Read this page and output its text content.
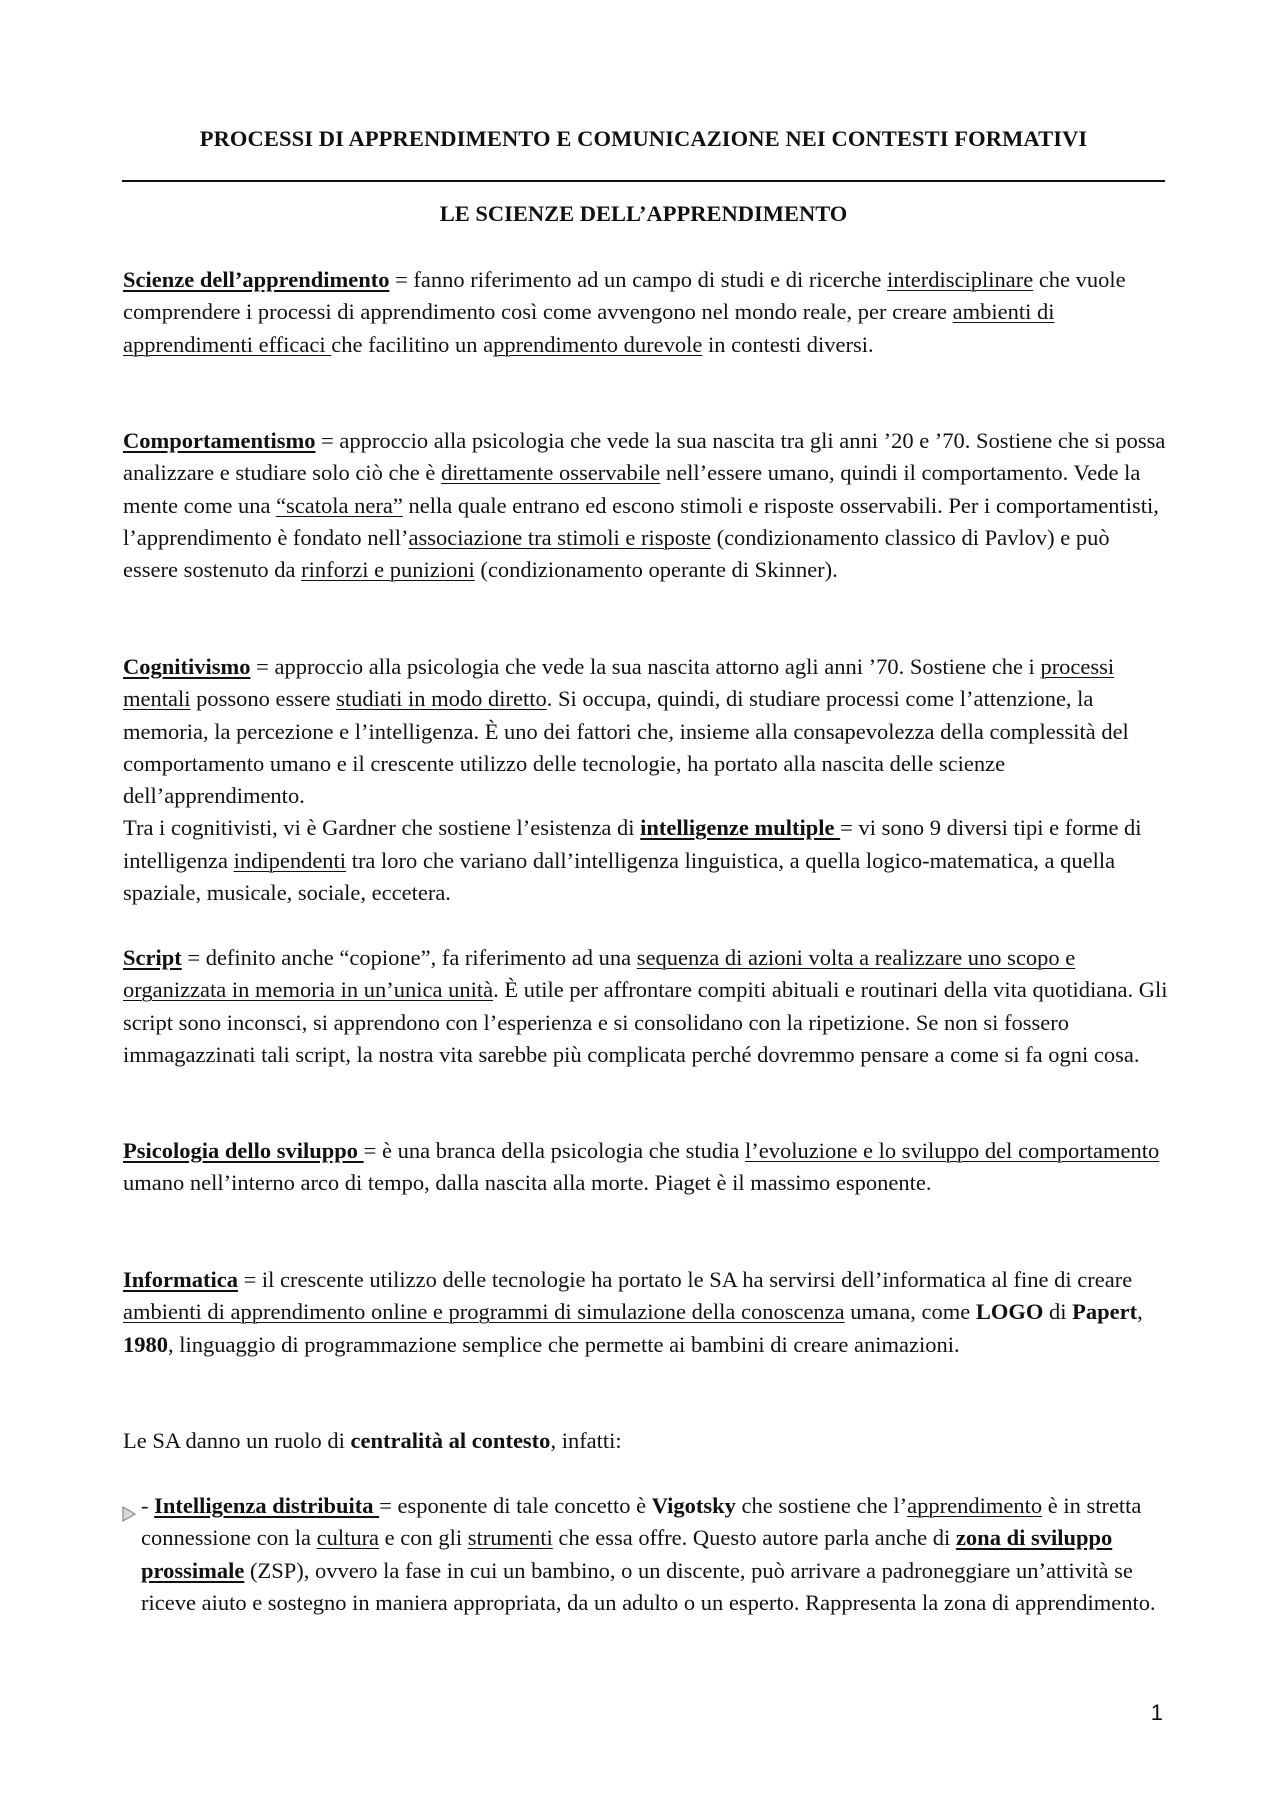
PROCESSI DI APPRENDIMENTO E COMUNICAZIONE NEI CONTESTI FORMATIVI
LE SCIENZE DELL’APPRENDIMENTO
Scienze dell’apprendimento = fanno riferimento ad un campo di studi e di ricerche interdisciplinare che vuole comprendere i processi di apprendimento così come avvengono nel mondo reale, per creare ambienti di apprendimenti efficaci che facilitino un apprendimento durevole in contesti diversi.
Comportamentismo = approccio alla psicologia che vede la sua nascita tra gli anni ’20 e ’70. Sostiene che si possa analizzare e studiare solo ciò che è direttamente osservabile nell’essere umano, quindi il comportamento. Vede la mente come una “scatola nera” nella quale entrano ed escono stimoli e risposte osservabili. Per i comportamentisti, l’apprendimento è fondato nell’associazione tra stimoli e risposte (condizionamento classico di Pavlov) e può essere sostenuto da rinforzi e punizioni (condizionamento operante di Skinner).
Cognitivismo = approccio alla psicologia che vede la sua nascita attorno agli anni ’70. Sostiene che i processi mentali possono essere studiati in modo diretto. Si occupa, quindi, di studiare processi come l’attenzione, la memoria, la percezione e l’intelligenza. È uno dei fattori che, insieme alla consapevolezza della complessità del comportamento umano e il crescente utilizzo delle tecnologie, ha portato alla nascita delle scienze dell’apprendimento.
Tra i cognitivisti, vi è Gardner che sostiene l’esistenza di intelligenze multiple = vi sono 9 diversi tipi e forme di intelligenza indipendenti tra loro che variano dall’intelligenza linguistica, a quella logico-matematica, a quella spaziale, musicale, sociale, eccetera.
Script = definito anche “copione”, fa riferimento ad una sequenza di azioni volta a realizzare uno scopo e organizzata in memoria in un’unica unità. È utile per affrontare compiti abituali e routinari della vita quotidiana. Gli script sono inconsci, si apprendono con l’esperienza e si consolidano con la ripetizione. Se non si fossero immagazzinati tali script, la nostra vita sarebbe più complicata perché dovremmo pensare a come si fa ogni cosa.
Psicologia dello sviluppo = è una branca della psicologia che studia l’evoluzione e lo sviluppo del comportamento umano nell’interno arco di tempo, dalla nascita alla morte. Piaget è il massimo esponente.
Informatica = il crescente utilizzo delle tecnologie ha portato le SA ha servirsi dell’informatica al fine di creare ambienti di apprendimento online e programmi di simulazione della conoscenza umana, come LOGO di Papert, 1980, linguaggio di programmazione semplice che permette ai bambini di creare animazioni.
Le SA danno un ruolo di centralità al contesto, infatti:
- Intelligenza distribuita = esponente di tale concetto è Vigotsky che sostiene che l’apprendimento è in stretta connessione con la cultura e con gli strumenti che essa offre. Questo autore parla anche di zona di sviluppo prossimale (ZSP), ovvero la fase in cui un bambino, o un discente, può arrivare a padroneggiare un’attività se riceve aiuto e sostegno in maniera appropriata, da un adulto o un esperto. Rappresenta la zona di apprendimento.
1
